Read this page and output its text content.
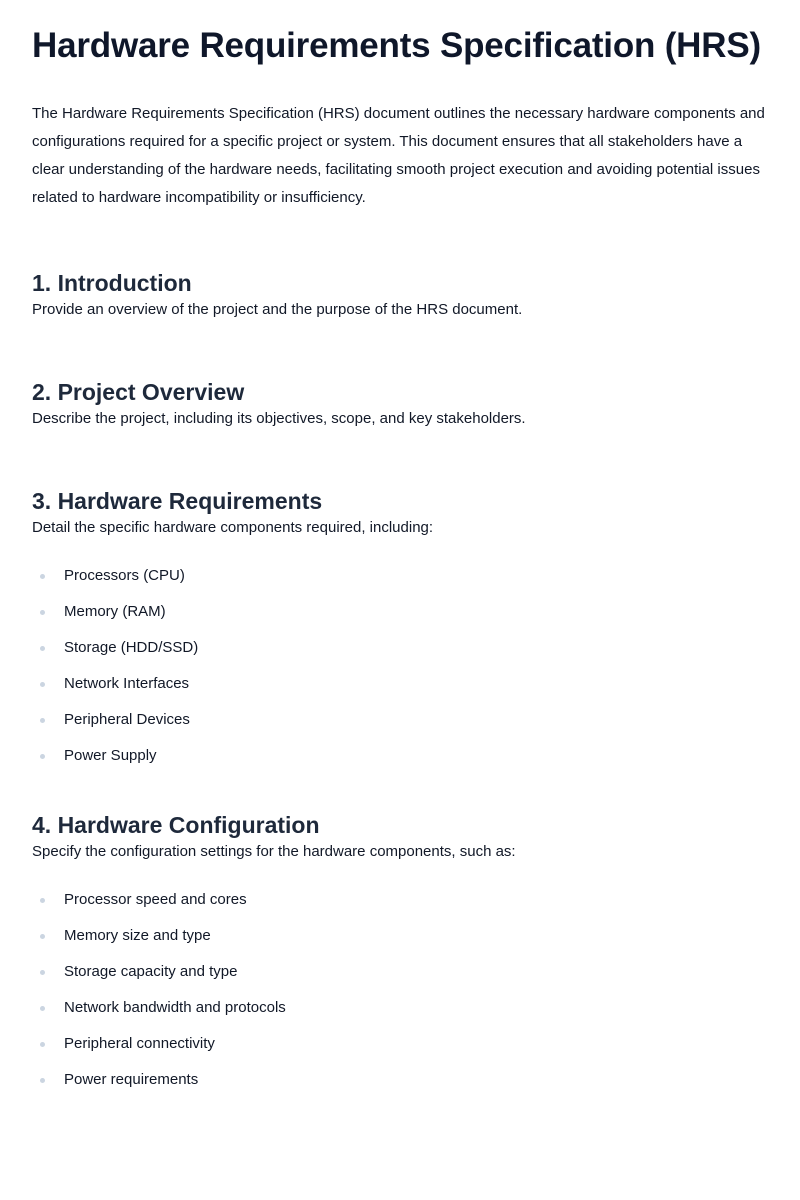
Hardware Requirements Specification (HRS)

The Hardware Requirements Specification (HRS) document outlines the necessary hardware components and configurations required for a specific project or system. This document ensures that all stakeholders have a clear understanding of the hardware needs, facilitating smooth project execution and avoiding potential issues related to hardware incompatibility or insufficiency.

1. Introduction

Provide an overview of the project and the purpose of the HRS document.

2. Project Overview

Describe the project, including its objectives, scope, and key stakeholders.

3. Hardware Requirements

Detail the specific hardware components required, including:

Processors (CPU)
Memory (RAM)
Storage (HDD/SSD)
Network Interfaces
Peripheral Devices
Power Supply
4. Hardware Configuration

Specify the configuration settings for the hardware components, such as:

Processor speed and cores
Memory size and type
Storage capacity and type
Network bandwidth and protocols
Peripheral connectivity
Power requirements
